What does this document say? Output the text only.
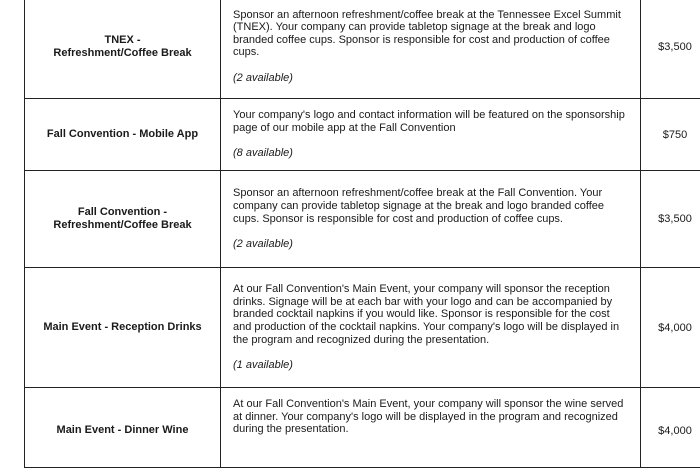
TNEX -
Refreshment/Coffee Break	Sponsor an afternoon refreshment/coffee break at the Tennessee Excel Summit (TNEX). Your company can provide tabletop signage at the break and logo branded coffee cups. Sponsor is responsible for cost and production of coffee cups.
(2 available)	$3,500

Fall Convention - Mobile App	Your company's logo and contact information will be featured on the sponsorship page of our mobile app at the Fall Convention
(8 available)	$750

Fall Convention -
Refreshment/Coffee Break	Sponsor an afternoon refreshment/coffee break at the Fall Convention. Your company can provide tabletop signage at the break and logo branded coffee cups. Sponsor is responsible for cost and production of coffee cups.
(2 available)	$3,500

Main Event - Reception Drinks	At our Fall Convention's Main Event, your company will sponsor the reception drinks. Signage will be at each bar with your logo and can be accompanied by branded cocktail napkins if you would like. Sponsor is responsible for the cost and production of the cocktail napkins. Your company's logo will be displayed in the program and recognized during the presentation.
(1 available)	$4,000

Main Event - Dinner Wine	At our Fall Convention's Main Event, your company will sponsor the wine served at dinner. Your company's logo will be displayed in the program and recognized during the presentation.	$4,000
